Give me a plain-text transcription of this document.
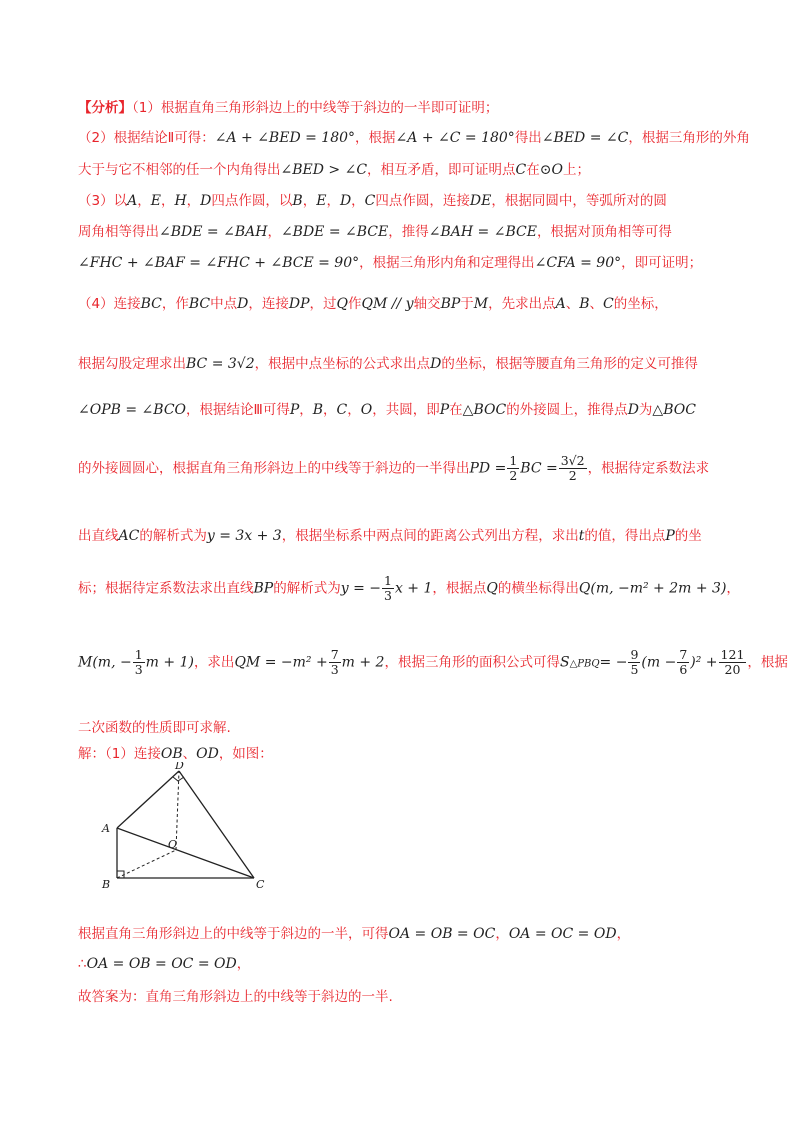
【分析】（1）根据直角三角形斜边上的中线等于斜边的一半即可证明；
（2）根据结论Ⅱ可得：∠A + ∠BED = 180°，根据∠A + ∠C = 180°得出∠BED = ∠C，根据三角形的外角
大于与它不相邻的任一个内角得出∠BED > ∠C，相互矛盾，即可证明点C在⊙O上；
（3）以A，E，H，D四点作圆，以B，E，D，C四点作圆，连接DE，根据同圆中，等弧所对的圆
周角相等得出∠BDE = ∠BAH，∠BDE = ∠BCE，推得∠BAH = ∠BCE，根据对顶角相等可得
∠FHC + ∠BAF = ∠FHC + ∠BCE = 90°，根据三角形内角和定理得出∠CFA = 90°，即可证明；
（4）连接BC，作BC中点D，连接DP，过Q作QM // y轴交BP于M，先求出点A、B、C的坐标，
根据勾股定理求出BC = 3√2，根据中点坐标的公式求出点D的坐标，根据等腰直角三角形的定义可推得
∠OPB = ∠BCO，根据结论Ⅲ可得P，B，C，O，共圆，即P在△BOC的外接圆上，推得点D为△BOC
的外接圆圆心，根据直角三角形斜边上的中线等于斜边的一半得出PD = $\frac{1}{2}$ BC = $\frac{3√2}{2}$ ，根据待定系数法求
出直线AC的解析式为y = 3x + 3，根据坐标系中两点间的距离公式列出方程，求出t的值，得出点P的坐
标；根据待定系数法求出直线BP的解析式为y = − $\frac{1}{3}$ x + 1，根据点Q的横坐标得出Q(m, −m² + 2m + 3)，
M(m, − $\frac{1}{3}$ m + 1)，求出QM = $-m^2 + \frac{7}{3}$ m + 2，根据三角形的面积公式可得S△PBQ= − $\frac{9}{5} (m - \frac{7}{6} )^2 + \frac{121}{20}$ ，根据
二次函数的性质即可求解.
解：（1）连接OB、OD，如图：
D
A
O
B	C
根据直角三角形斜边上的中线等于斜边的一半，可得OA = OB = OC，OA = OC = OD，
∴OA = OB = OC = OD，
故答案为：直角三角形斜边上的中线等于斜边的一半.
